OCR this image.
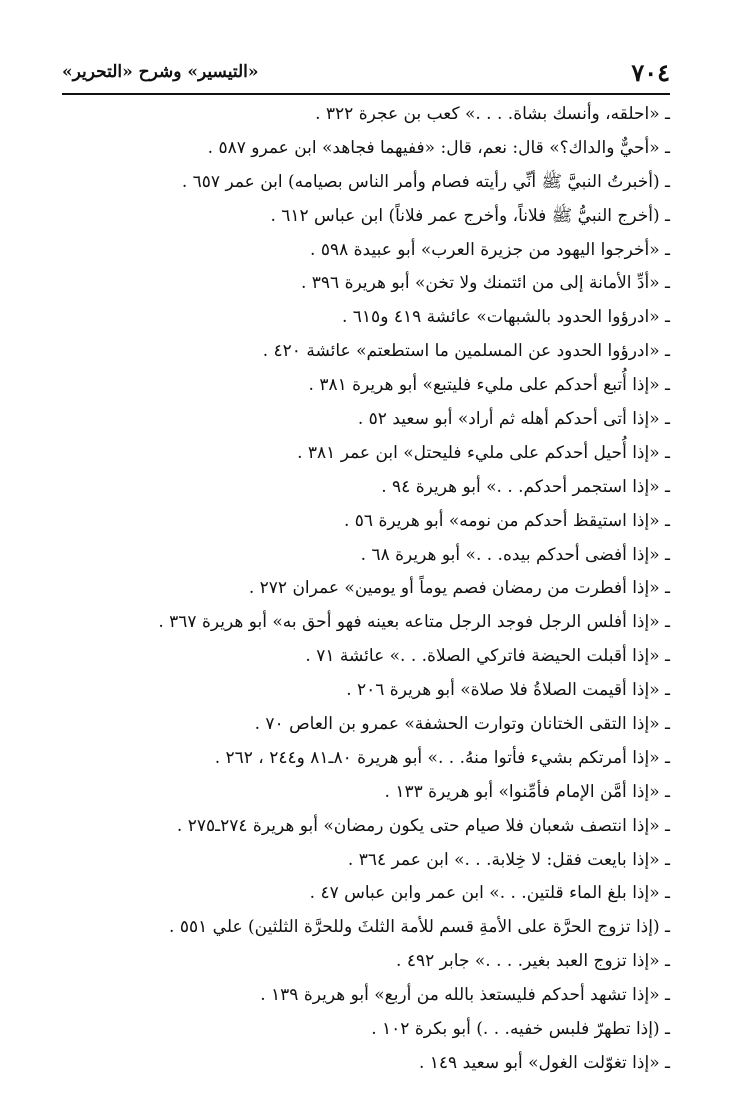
٧٠٤
«التيسير» وشرح «التحرير»
ـ «احلقه، وأنسك بشاة. . . .» كعب بن عجرة ٣٢٢ .
ـ «أحيٌّ والداك؟» قال: نعم، قال: «ففيهما فجاهد» ابن عمرو ٥٨٧ .
ـ (أخبرتُ النبيَّ ﷺ أنِّي رأيته فصام وأمر الناس بصيامه) ابن عمر ٦٥٧ .
ـ (أخرج النبيُّ ﷺ فلاناً، وأخرج عمر فلاناً) ابن عباس ٦١٢ .
ـ «أخرجوا اليهود من جزيرة العرب» أبو عبيدة ٥٩٨ .
ـ «أدِّ الأمانة إلى من ائتمنك ولا تخن» أبو هريرة ٣٩٦ .
ـ «ادرؤوا الحدود بالشبهات» عائشة ٤١٩ و٦١٥ .
ـ «ادرؤوا الحدود عن المسلمين ما استطعتم» عائشة ٤٢٠ .
ـ «إذا أُتبع أحدكم على مليء فليتبع» أبو هريرة ٣٨١ .
ـ «إذا أتى أحدكم أهله ثم أراد» أبو سعيد ٥٢ .
ـ «إذا أُحيل أحدكم على مليء فليحتل» ابن عمر ٣٨١ .
ـ «إذا استجمر أحدكم. . .» أبو هريرة ٩٤ .
ـ «إذا استيقظ أحدكم من نومه» أبو هريرة ٥٦ .
ـ «إذا أفضى أحدكم بيده. . .» أبو هريرة ٦٨ .
ـ «إذا أفطرت من رمضان فصم يوماً أو يومين» عمران ٢٧٢ .
ـ «إذا أفلس الرجل فوجد الرجل متاعه بعينه فهو أحق به» أبو هريرة ٣٦٧ .
ـ «إذا أقبلت الحيضة فاتركي الصلاة. . .» عائشة ٧١ .
ـ «إذا أقيمت الصلاةُ فلا صلاة» أبو هريرة ٢٠٦ .
ـ «إذا التقى الختانان وتوارت الحشفة» عمرو بن العاص ٧٠ .
ـ «إذا أمرتكم بشيء فأتوا منهُ. . .» أبو هريرة ٨٠ـ٨١ و٢٤٤ ، ٢٦٢ .
ـ «إذا أمَّن الإمام فأمِّنوا» أبو هريرة ١٣٣ .
ـ «إذا انتصف شعبان فلا صيام حتى يكون رمضان» أبو هريرة ٢٧٤ـ٢٧٥ .
ـ «إذا بايعت فقل: لا خِلابة. . .» ابن عمر ٣٦٤ .
ـ «إذا بلغ الماء قلتين. . .» ابن عمر وابن عباس ٤٧ .
ـ (إذا تزوج الحرَّة على الأمةِ قسم للأمة الثلثَ وللحرَّة الثلثين) علي ٥٥١ .
ـ «إذا تزوج العبد بغير. . . .» جابر ٤٩٢ .
ـ «إذا تشهد أحدكم فليستعذ بالله من أربع» أبو هريرة ١٣٩ .
ـ (إذا تطهرّ فلبس خفيه. . .) أبو بكرة ١٠٢ .
ـ «إذا تغوّلت الغول» أبو سعيد ١٤٩ .
